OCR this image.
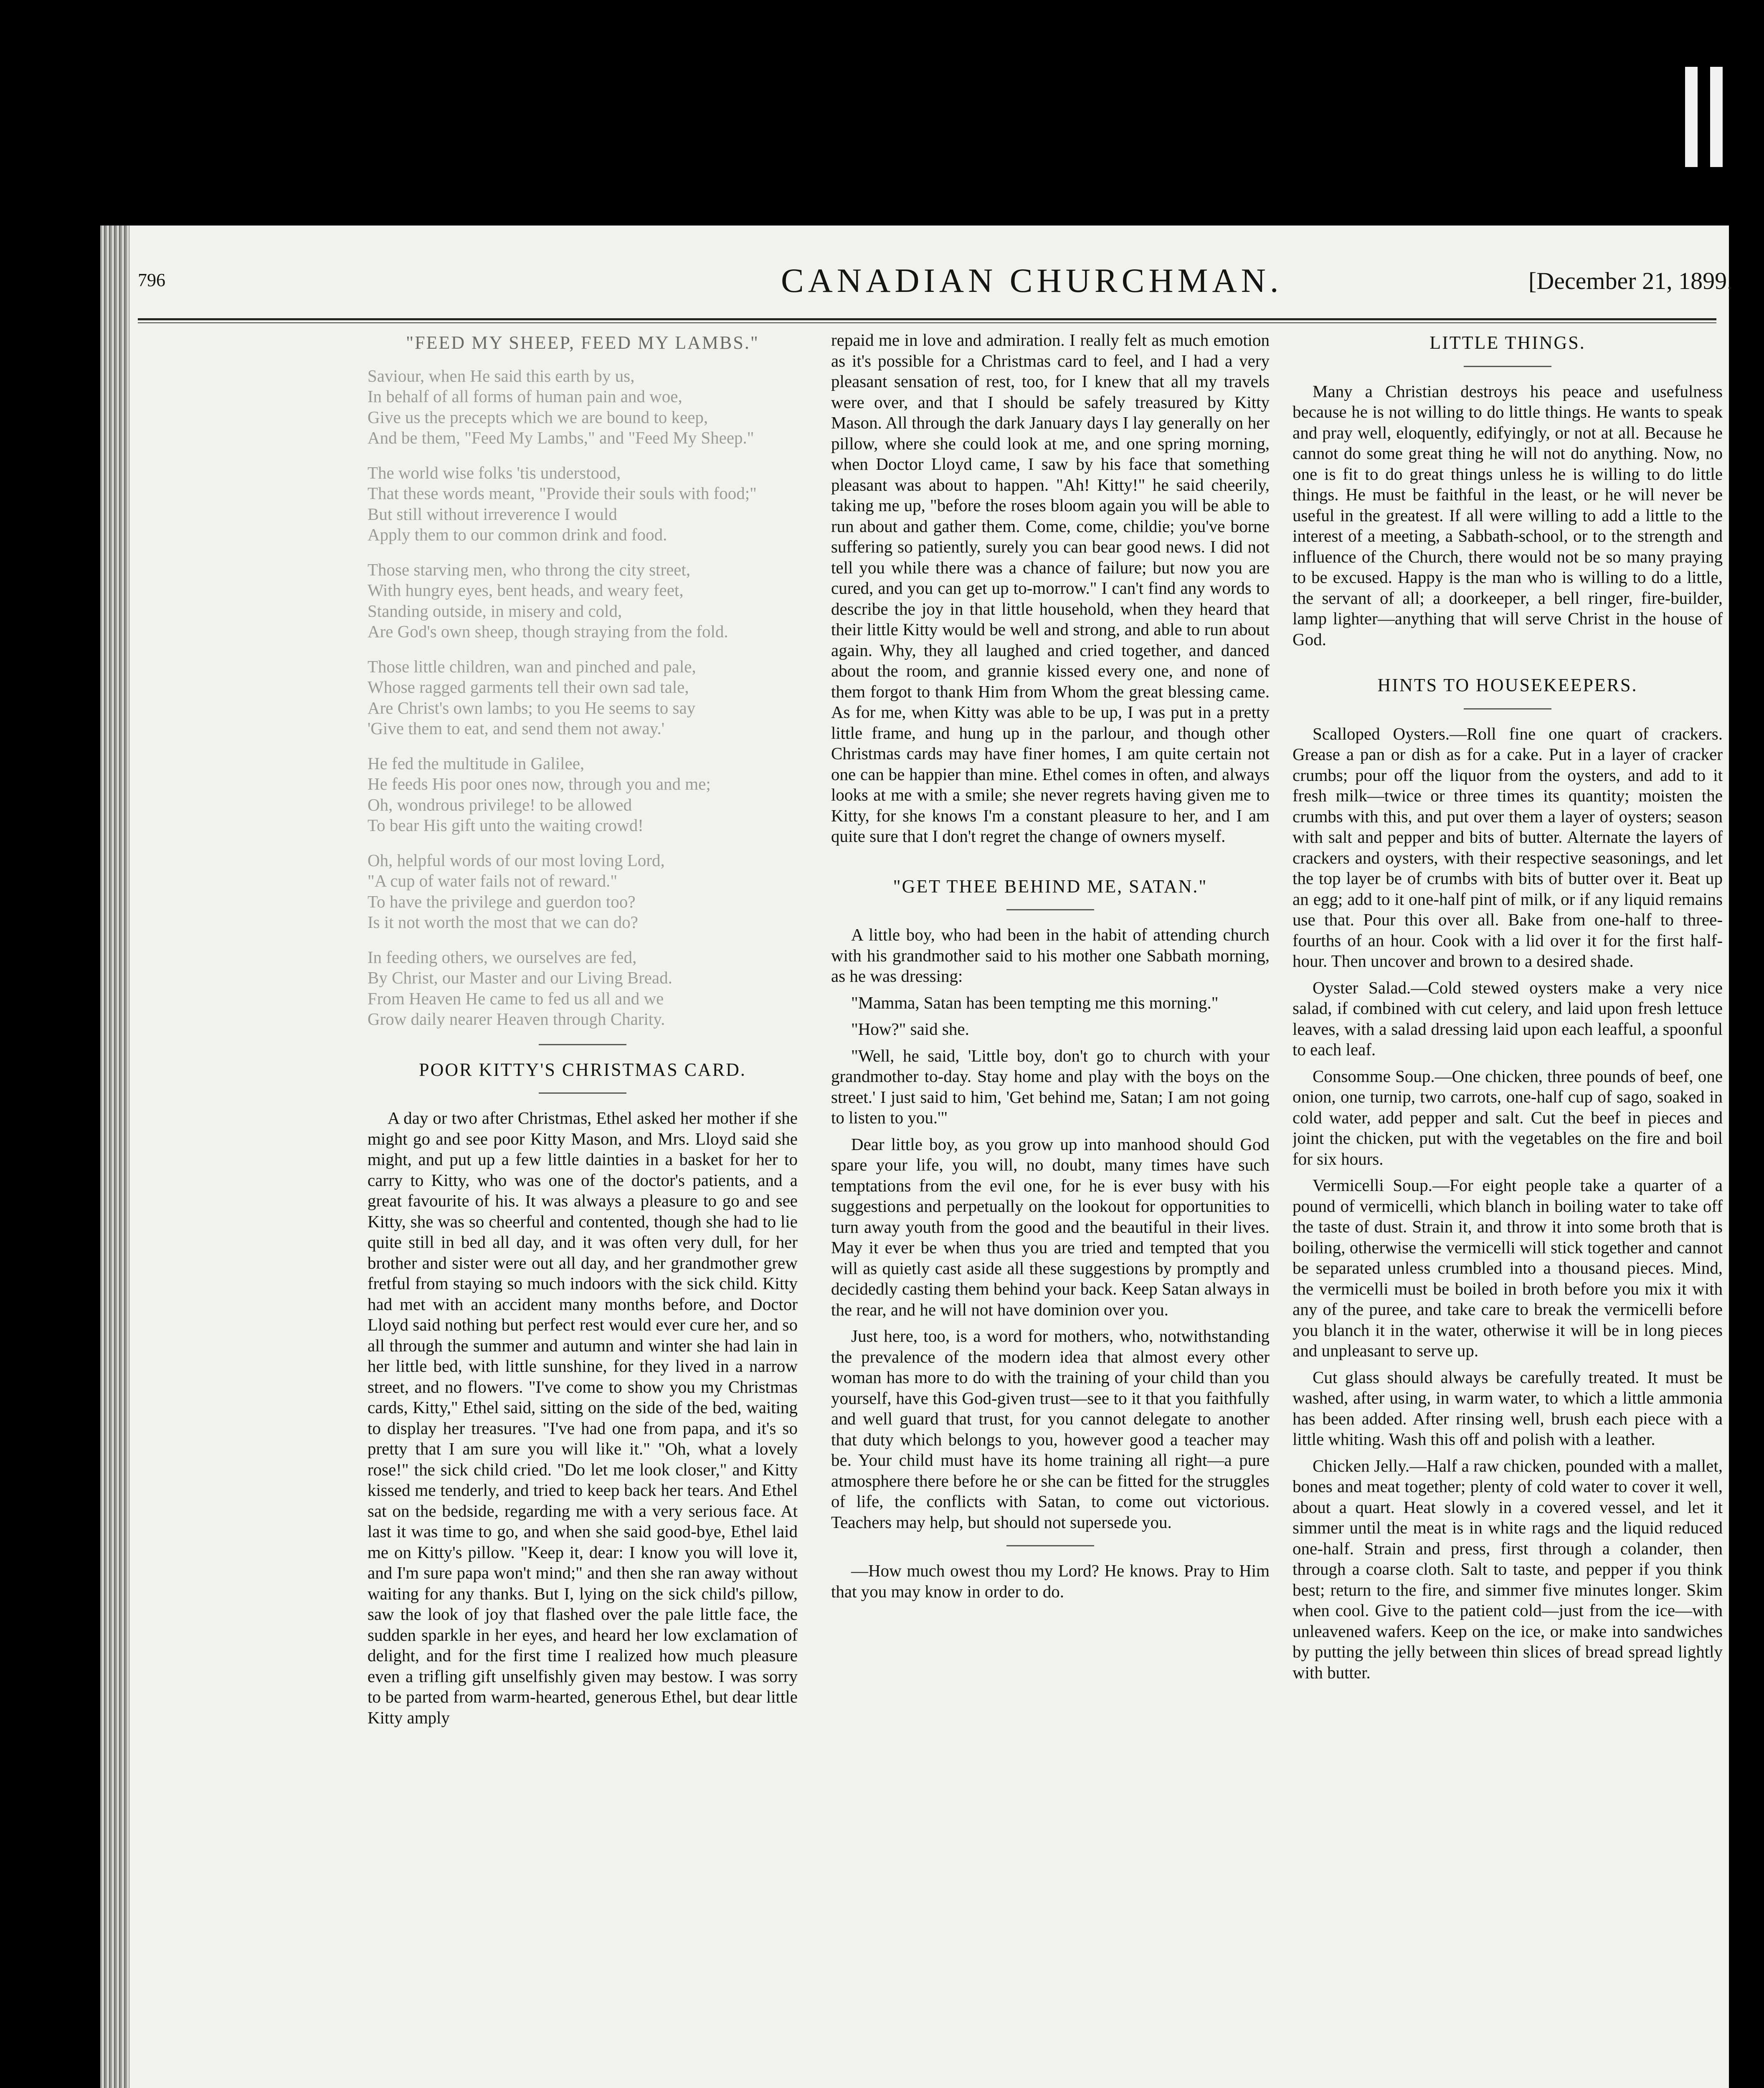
796	CANADIAN CHURCHMAN.	[December 21, 1899.
"FEED MY SHEEP, FEED MY LAMBS."
Saviour, when He said this earth by us,
In behalf of all forms of human pain and woe,
Give us the precepts which we are bound to keep,
And be them, "Feed My Lambs," and "Feed My Sheep."
The world wise folks 'tis understood,
That these words meant, "Provide their souls with food;"
But still without irreverence I would
Apply them to our common drink and food.
Those starving men, who throng the city street,
With hungry eyes, bent heads, and weary feet,
Standing outside, in misery and cold,
Are God's own sheep, though straying from the fold.
Those little children, wan and pinched and pale,
Whose ragged garments tell their own sad tale,
Are Christ's own lambs; to you He seems to say
'Give them to eat, and send them not away.'
He fed the multitude in Galilee,
He feeds His poor ones now, through you and me;
Oh, wondrous privilege! to be allowed
To bear His gift unto the waiting crowd!
Oh, helpful words of our most loving Lord,
"A cup of water fails not of reward."
To have the privilege and guerdon too?
Is it not worth the most that we can do?
In feeding others, we ourselves are fed,
By Christ, our Master and our Living Bread.
From Heaven He came to fed us all and we
Grow daily nearer Heaven through Charity.
POOR KITTY'S CHRISTMAS CARD.

A day or two after Christmas, Ethel asked her mother if she might go and see poor Kitty Mason, and Mrs. Lloyd said she might, and put up a few little dainties in a basket for her to carry to Kitty, who was one of the doctor's patients, and a great favourite of his. It was always a pleasure to go and see Kitty, she was so cheerful and contented, though she had to lie quite still in bed all day, and it was often very dull, for her brother and sister were out all day, and her grandmother grew fretful from staying so much indoors with the sick child. Kitty had met with an accident many months before, and Doctor Lloyd said nothing but perfect rest would ever cure her, and so all through the summer and autumn and winter she had lain in her little bed, with little sunshine, for they lived in a narrow street, and no flowers. "I've come to show you my Christmas cards, Kitty," Ethel said, sitting on the side of the bed, waiting to display her treasures. "I've had one from papa, and it's so pretty that I am sure you will like it." "Oh, what a lovely rose!" the sick child cried. "Do let me look closer," and Kitty kissed me tenderly, and tried to keep back her tears. And Ethel sat on the bedside, regarding me with a very serious face. At last it was time to go, and when she said good-bye, Ethel laid me on Kitty's pillow. "Keep it, dear: I know you will love it, and I'm sure papa won't mind;" and then she ran away without waiting for any thanks. But I, lying on the sick child's pillow, saw the look of joy that flashed over the pale little face, the sudden sparkle in her eyes, and heard her low exclamation of delight, and for the first time I realized how much pleasure even a trifling gift unselfishly given may bestow. I was sorry to be parted from warm-hearted, generous Ethel, but dear little Kitty amply

repaid me in love and admiration. I really felt as much emotion as it's possible for a Christmas card to feel, and I had a very pleasant sensation of rest, too, for I knew that all my travels were over, and that I should be safely treasured by Kitty Mason. All through the dark January days I lay generally on her pillow, where she could look at me, and one spring morning, when Doctor Lloyd came, I saw by his face that something pleasant was about to happen. "Ah! Kitty!" he said cheerily, taking me up, "before the roses bloom again you will be able to run about and gather them. Come, come, childie; you've borne suffering so patiently, surely you can bear good news. I did not tell you while there was a chance of failure; but now you are cured, and you can get up to-morrow." I can't find any words to describe the joy in that little household, when they heard that their little Kitty would be well and strong, and able to run about again. Why, they all laughed and cried together, and danced about the room, and grannie kissed every one, and none of them forgot to thank Him from Whom the great blessing came. As for me, when Kitty was able to be up, I was put in a pretty little frame, and hung up in the parlour, and though other Christmas cards may have finer homes, I am quite certain not one can be happier than mine. Ethel comes in often, and always looks at me with a smile; she never regrets having given me to Kitty, for she knows I'm a constant pleasure to her, and I am quite sure that I don't regret the change of owners myself.

"GET THEE BEHIND ME, SATAN."

A little boy, who had been in the habit of attending church with his grandmother said to his mother one Sabbath morning, as he was dressing:

"Mamma, Satan has been tempting me this morning."

"How?" said she.

"Well, he said, 'Little boy, don't go to church with your grandmother to-day. Stay home and play with the boys on the street.' I just said to him, 'Get behind me, Satan; I am not going to listen to you.'"

Dear little boy, as you grow up into manhood should God spare your life, you will, no doubt, many times have such temptations from the evil one, for he is ever busy with his suggestions and perpetually on the lookout for opportunities to turn away youth from the good and the beautiful in their lives. May it ever be when thus you are tried and tempted that you will as quietly cast aside all these suggestions by promptly and decidedly casting them behind your back. Keep Satan always in the rear, and he will not have dominion over you.

Just here, too, is a word for mothers, who, notwithstanding the prevalence of the modern idea that almost every other woman has more to do with the training of your child than you yourself, have this God-given trust—see to it that you faithfully and well guard that trust, for you cannot delegate to another that duty which belongs to you, however good a teacher may be. Your child must have its home training all right—a pure atmosphere there before he or she can be fitted for the struggles of life, the conflicts with Satan, to come out victorious. Teachers may help, but should not supersede you.

—How much owest thou my Lord? He knows. Pray to Him that you may know in order to do.

LITTLE THINGS.

Many a Christian destroys his peace and usefulness because he is not willing to do little things. He wants to speak and pray well, eloquently, edifyingly, or not at all. Because he cannot do some great thing he will not do anything. Now, no one is fit to do great things unless he is willing to do little things. He must be faithful in the least, or he will never be useful in the greatest. If all were willing to add a little to the interest of a meeting, a Sabbath-school, or to the strength and influence of the Church, there would not be so many praying to be excused. Happy is the man who is willing to do a little, the servant of all; a doorkeeper, a bell ringer, fire-builder, lamp lighter—anything that will serve Christ in the house of God.

HINTS TO HOUSEKEEPERS.

Scalloped Oysters.—Roll fine one quart of crackers. Grease a pan or dish as for a cake. Put in a layer of cracker crumbs; pour off the liquor from the oysters, and add to it fresh milk—twice or three times its quantity; moisten the crumbs with this, and put over them a layer of oysters; season with salt and pepper and bits of butter. Alternate the layers of crackers and oysters, with their respective seasonings, and let the top layer be of crumbs with bits of butter over it. Beat up an egg; add to it one-half pint of milk, or if any liquid remains use that. Pour this over all. Bake from one-half to three-fourths of an hour. Cook with a lid over it for the first half-hour. Then uncover and brown to a desired shade.

Oyster Salad.—Cold stewed oysters make a very nice salad, if combined with cut celery, and laid upon fresh lettuce leaves, with a salad dressing laid upon each leafful, a spoonful to each leaf.

Consomme Soup.—One chicken, three pounds of beef, one onion, one turnip, two carrots, one-half cup of sago, soaked in cold water, add pepper and salt. Cut the beef in pieces and joint the chicken, put with the vegetables on the fire and boil for six hours.

Vermicelli Soup.—For eight people take a quarter of a pound of vermicelli, which blanch in boiling water to take off the taste of dust. Strain it, and throw it into some broth that is boiling, otherwise the vermicelli will stick together and cannot be separated unless crumbled into a thousand pieces. Mind, the vermicelli must be boiled in broth before you mix it with any of the puree, and take care to break the vermicelli before you blanch it in the water, otherwise it will be in long pieces and unpleasant to serve up.

Cut glass should always be carefully treated. It must be washed, after using, in warm water, to which a little ammonia has been added. After rinsing well, brush each piece with a little whiting. Wash this off and polish with a leather.

Chicken Jelly.—Half a raw chicken, pounded with a mallet, bones and meat together; plenty of cold water to cover it well, about a quart. Heat slowly in a covered vessel, and let it simmer until the meat is in white rags and the liquid reduced one-half. Strain and press, first through a colander, then through a coarse cloth. Salt to taste, and pepper if you think best; return to the fire, and simmer five minutes longer. Skim when cool. Give to the patient cold—just from the ice—with unleavened wafers. Keep on the ice, or make into sandwiches by putting the jelly between thin slices of bread spread lightly with butter.
